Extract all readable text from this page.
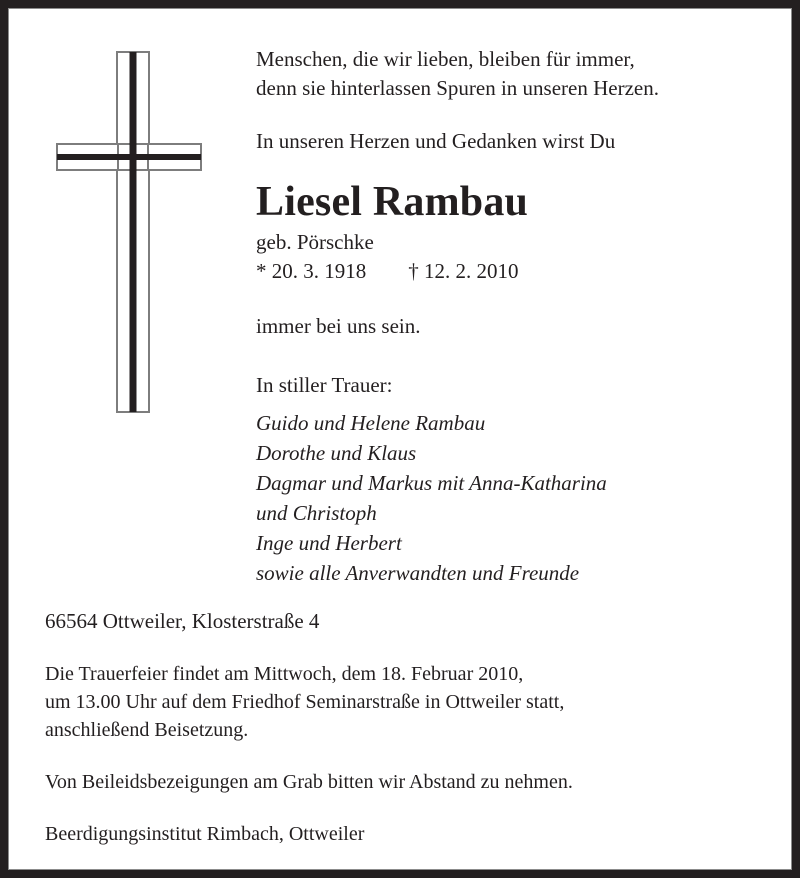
Menschen, die wir lieben, bleiben für immer,
denn sie hinterlassen Spuren in unseren Herzen.
In unseren Herzen und Gedanken wirst Du
Liesel Rambau
geb. Pörschke
* 20. 3. 1918        † 12. 2. 2010
immer bei uns sein.
In stiller Trauer:
Guido und Helene Rambau
Dorothe und Klaus
Dagmar und Markus mit Anna-Katharina
und Christoph
Inge und Herbert
sowie alle Anverwandten und Freunde
66564 Ottweiler, Klosterstraße 4
Die Trauerfeier findet am Mittwoch, dem 18. Februar 2010,
um 13.00 Uhr auf dem Friedhof Seminarstraße in Ottweiler statt,
anschließend Beisetzung.
Von Beileidsbezeigungen am Grab bitten wir Abstand zu nehmen.
Beerdigungsinstitut Rimbach, Ottweiler
